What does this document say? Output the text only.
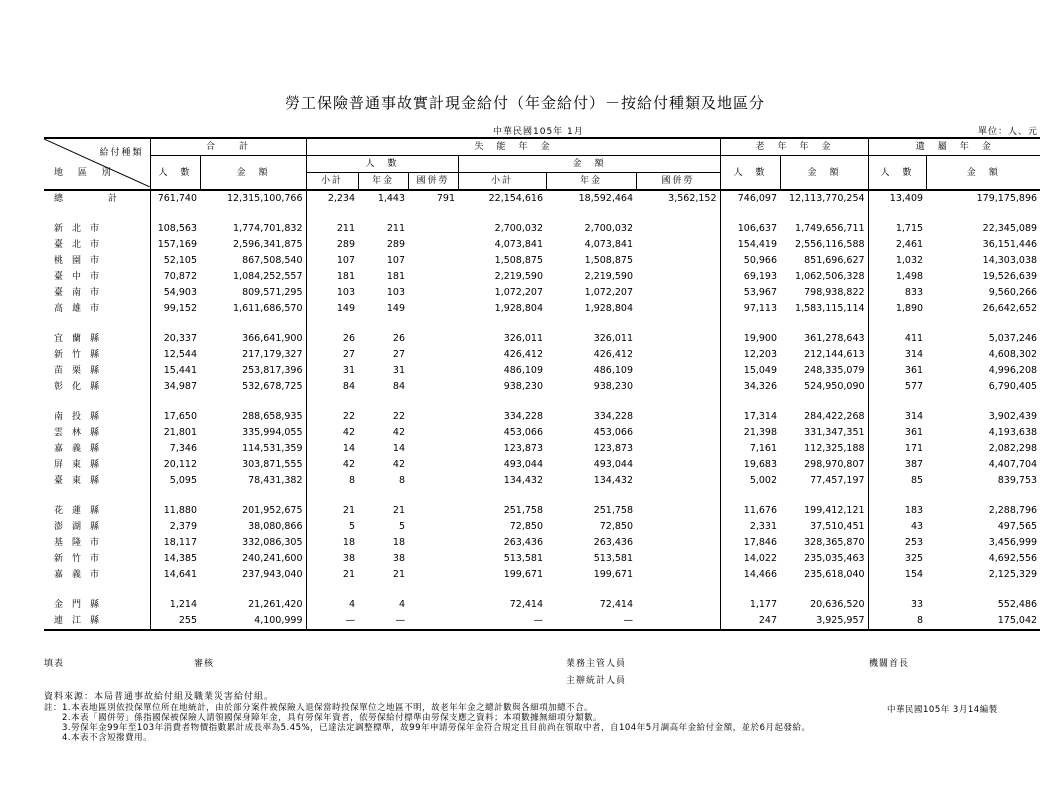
勞工保險普通事故實計現金給付（年金給付）－按給付種類及地區分
中華民國105年 1月	單位：人、元
給付種類
地 區 別	合　　計		失　能　年　金						老　年　年　金		遺　屬　年　金	
	人　數	金　額	人　數			金　額			人　數	金　額	人　數	金　額
			小計	年金	國併勞	小計	年金	國併勞				
總　　計	761,740	12,315,100,766	2,234	1,443	791	22,154,616	18,592,464	3,562,152	746,097	12,113,770,254	13,409	179,175,896

新北市	108,563	1,774,701,832	211	211		2,700,032	2,700,032		106,637	1,749,656,711	1,715	22,345,089
臺北市	157,169	2,596,341,875	289	289		4,073,841	4,073,841		154,419	2,556,116,588	2,461	36,151,446
桃園市	52,105	867,508,540	107	107		1,508,875	1,508,875		50,966	851,696,627	1,032	14,303,038
臺中市	70,872	1,084,252,557	181	181		2,219,590	2,219,590		69,193	1,062,506,328	1,498	19,526,639
臺南市	54,903	809,571,295	103	103		1,072,207	1,072,207		53,967	798,938,822	833	9,560,266
高雄市	99,152	1,611,686,570	149	149		1,928,804	1,928,804		97,113	1,583,115,114	1,890	26,642,652

宜蘭縣	20,337	366,641,900	26	26		326,011	326,011		19,900	361,278,643	411	5,037,246
新竹縣	12,544	217,179,327	27	27		426,412	426,412		12,203	212,144,613	314	4,608,302
苗栗縣	15,441	253,817,396	31	31		486,109	486,109		15,049	248,335,079	361	4,996,208
彰化縣	34,987	532,678,725	84	84		938,230	938,230		34,326	524,950,090	577	6,790,405

南投縣	17,650	288,658,935	22	22		334,228	334,228		17,314	284,422,268	314	3,902,439
雲林縣	21,801	335,994,055	42	42		453,066	453,066		21,398	331,347,351	361	4,193,638
嘉義縣	7,346	114,531,359	14	14		123,873	123,873		7,161	112,325,188	171	2,082,298
屏東縣	20,112	303,871,555	42	42		493,044	493,044		19,683	298,970,807	387	4,407,704
臺東縣	5,095	78,431,382	8	8		134,432	134,432		5,002	77,457,197	85	839,753

花蓮縣	11,880	201,952,675	21	21		251,758	251,758		11,676	199,412,121	183	2,288,796
澎湖縣	2,379	38,080,866	5	5		72,850	72,850		2,331	37,510,451	43	497,565
基隆市	18,117	332,086,305	18	18		263,436	263,436		17,846	328,365,870	253	3,456,999
新竹市	14,385	240,241,600	38	38		513,581	513,581		14,022	235,035,463	325	4,692,556
嘉義市	14,641	237,943,040	21	21		199,671	199,671		14,466	235,618,040	154	2,125,329

金門縣	1,214	21,261,420	4	4		72,414	72,414		1,177	20,636,520	33	552,486
連江縣	255	4,100,999	—	—		—	—		247	3,925,957	8	175,042
填表	審核	業務主管人員
主辦統計人員
機關首長
資料來源：本局普通事故給付組及職業災害給付組。
註：1.本表地區別依投保單位所在地統計，由於部分案件被保險人退保當時投保單位之地區不明，故老年年金之總計數與各細項加總不合。
　　2.本表「國併勞」係指國保被保險人請領國保身障年金，具有勞保年資者，依勞保給付標準由勞保支應之資料；本項數據無細項分類數。
　　3.勞保年金99年至103年消費者物價指數累計成長率為5.45%，已達法定調整標準，故99年申請勞保年金符合規定且目前尚在領取中者，自104年5月調高年金給付金額，並於6月起發給。
　　4.本表不含短撥費用。
中華民國105年 3月14編製
